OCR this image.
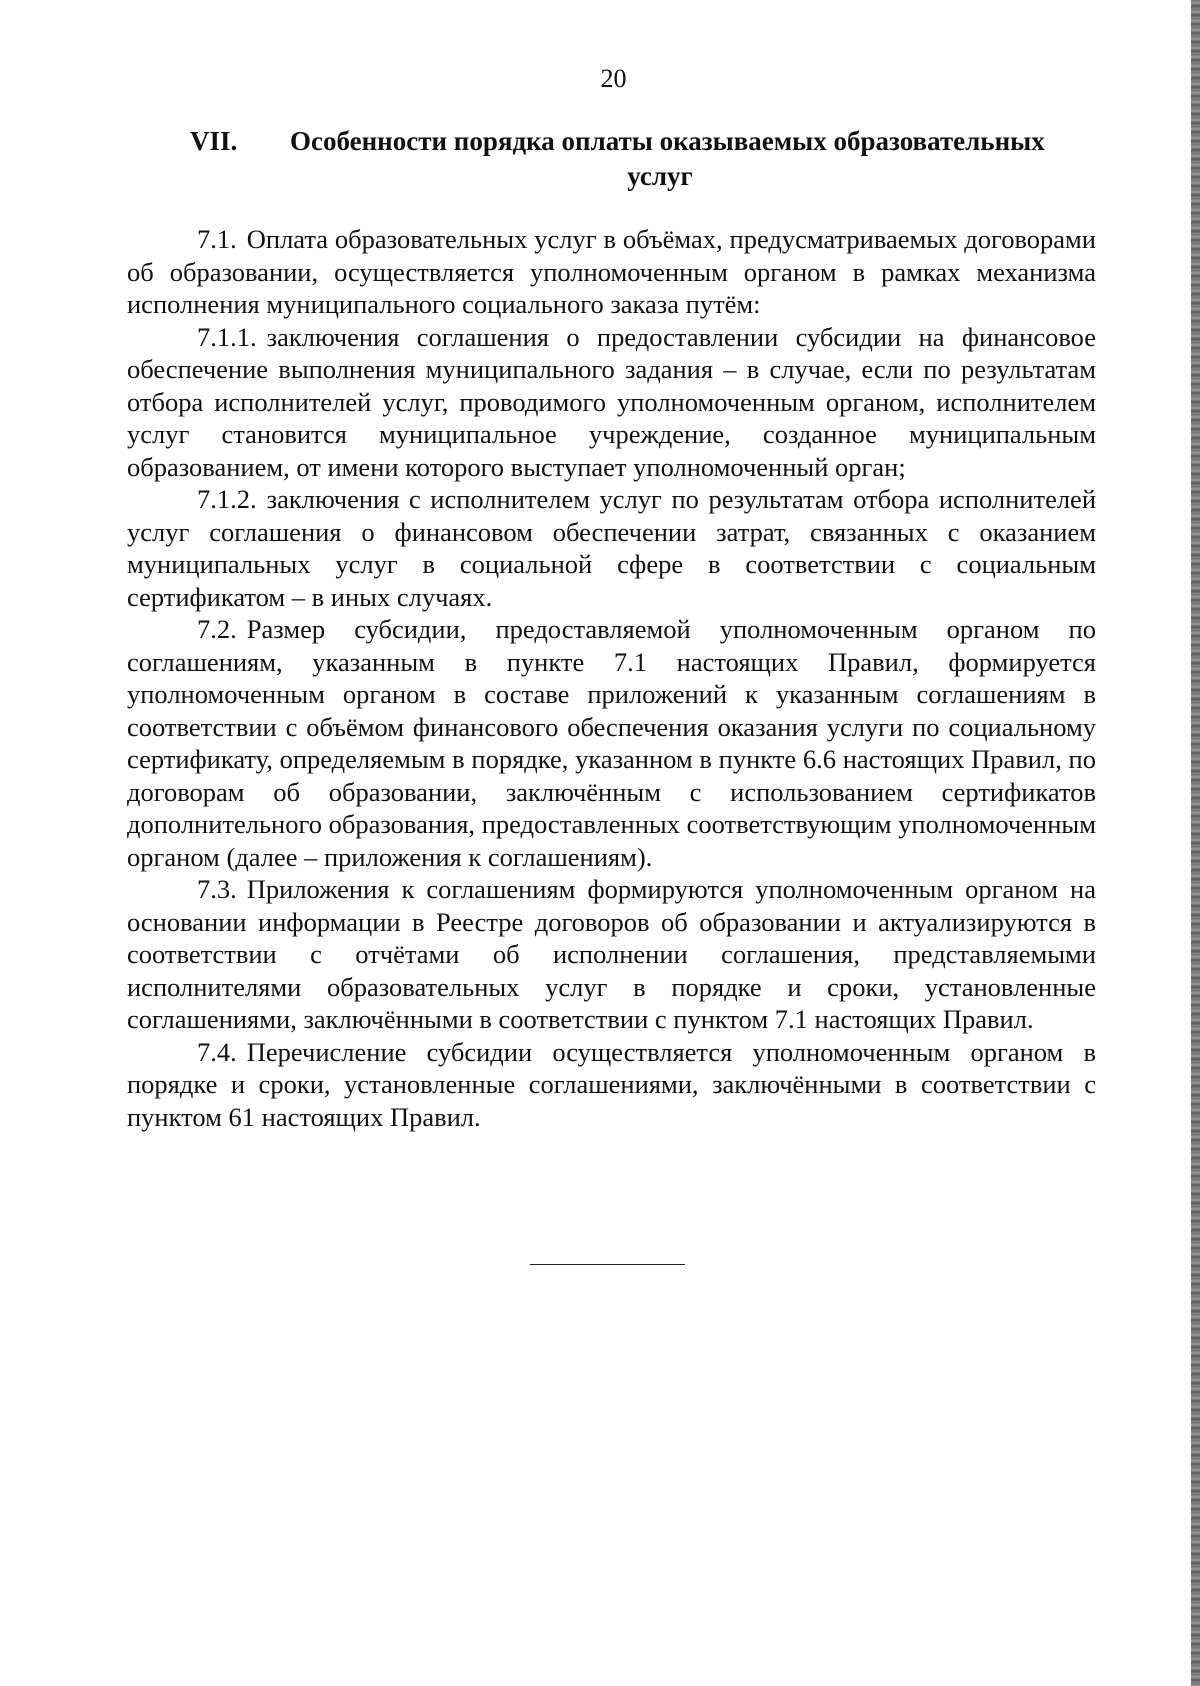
20
VII.	Особенности порядка оплаты оказываемых образовательных
услуг

7.1. Оплата образовательных услуг в объёмах, предусматриваемых договорами об образовании, осуществляется уполномоченным органом в рамках механизма исполнения муниципального социального заказа путём:

7.1.1. заключения соглашения о предоставлении субсидии на финансовое обеспечение выполнения муниципального задания – в случае, если по результатам отбора исполнителей услуг, проводимого уполномоченным органом, исполнителем услуг становится муниципальное учреждение, созданное муниципальным образованием, от имени которого выступает уполномоченный орган;

7.1.2. заключения с исполнителем услуг по результатам отбора исполнителей услуг соглашения о финансовом обеспечении затрат, связанных с оказанием муниципальных услуг в социальной сфере в соответствии с социальным сертификатом – в иных случаях.

7.2. Размер субсидии, предоставляемой уполномоченным органом по соглашениям, указанным в пункте 7.1 настоящих Правил, формируется уполномоченным органом в составе приложений к указанным соглашениям в соответствии с объёмом финансового обеспечения оказания услуги по социальному сертификату, определяемым в порядке, указанном в пункте 6.6 настоящих Правил, по договорам об образовании, заключённым с использованием сертификатов дополнительного образования, предоставленных соответствующим уполномоченным органом (далее – приложения к соглашениям).

7.3. Приложения к соглашениям формируются уполномоченным органом на основании информации в Реестре договоров об образовании и актуализируются в соответствии с отчётами об исполнении соглашения, представляемыми исполнителями образовательных услуг в порядке и сроки, установленные соглашениями, заключёнными в соответствии с пунктом 7.1 настоящих Правил.

7.4. Перечисление субсидии осуществляется уполномоченным органом в порядке и сроки, установленные соглашениями, заключёнными в соответствии с пунктом 61 настоящих Правил.
